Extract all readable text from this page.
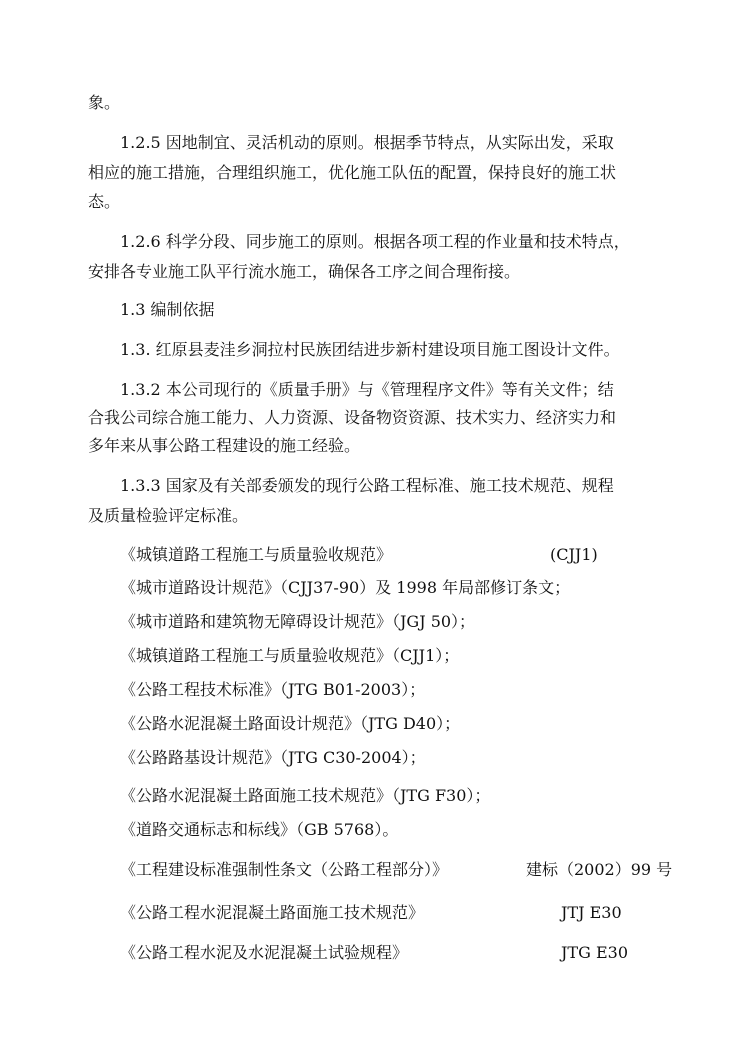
象。
1.2.5 因地制宜、灵活机动的原则。根据季节特点，从实际出发，采取
相应的施工措施，合理组织施工，优化施工队伍的配置，保持良好的施工状
态。
1.2.6 科学分段、同步施工的原则。根据各项工程的作业量和技术特点，
安排各专业施工队平行流水施工，确保各工序之间合理衔接。
1.3 编制依据
1.3. 红原县麦洼乡洞拉村民族团结进步新村建设项目施工图设计文件。
1.3.2 本公司现行的《质量手册》与《管理程序文件》等有关文件；结
合我公司综合施工能力、人力资源、设备物资资源、技术实力、经济实力和
多年来从事公路工程建设的施工经验。
1.3.3 国家及有关部委颁发的现行公路工程标准、施工技术规范、规程
及质量检验评定标准。
《城镇道路工程施工与质量验收规范》	(CJJ1)
《城市道路设计规范》（CJJ37-90）及 1998 年局部修订条文；
《城市道路和建筑物无障碍设计规范》（JGJ 50）；
《城镇道路工程施工与质量验收规范》（CJJ1）；
《公路工程技术标准》（JTG B01-2003）；
《公路水泥混凝土路面设计规范》（JTG D40）；
《公路路基设计规范》（JTG C30-2004）；
《公路水泥混凝土路面施工技术规范》（JTG F30）；
《道路交通标志和标线》（GB 5768）。
《工程建设标准强制性条文（公路工程部分）》	建标（2002）99 号
《公路工程水泥混凝土路面施工技术规范》	JTJ E30
《公路工程水泥及水泥混凝土试验规程》	JTG E30
